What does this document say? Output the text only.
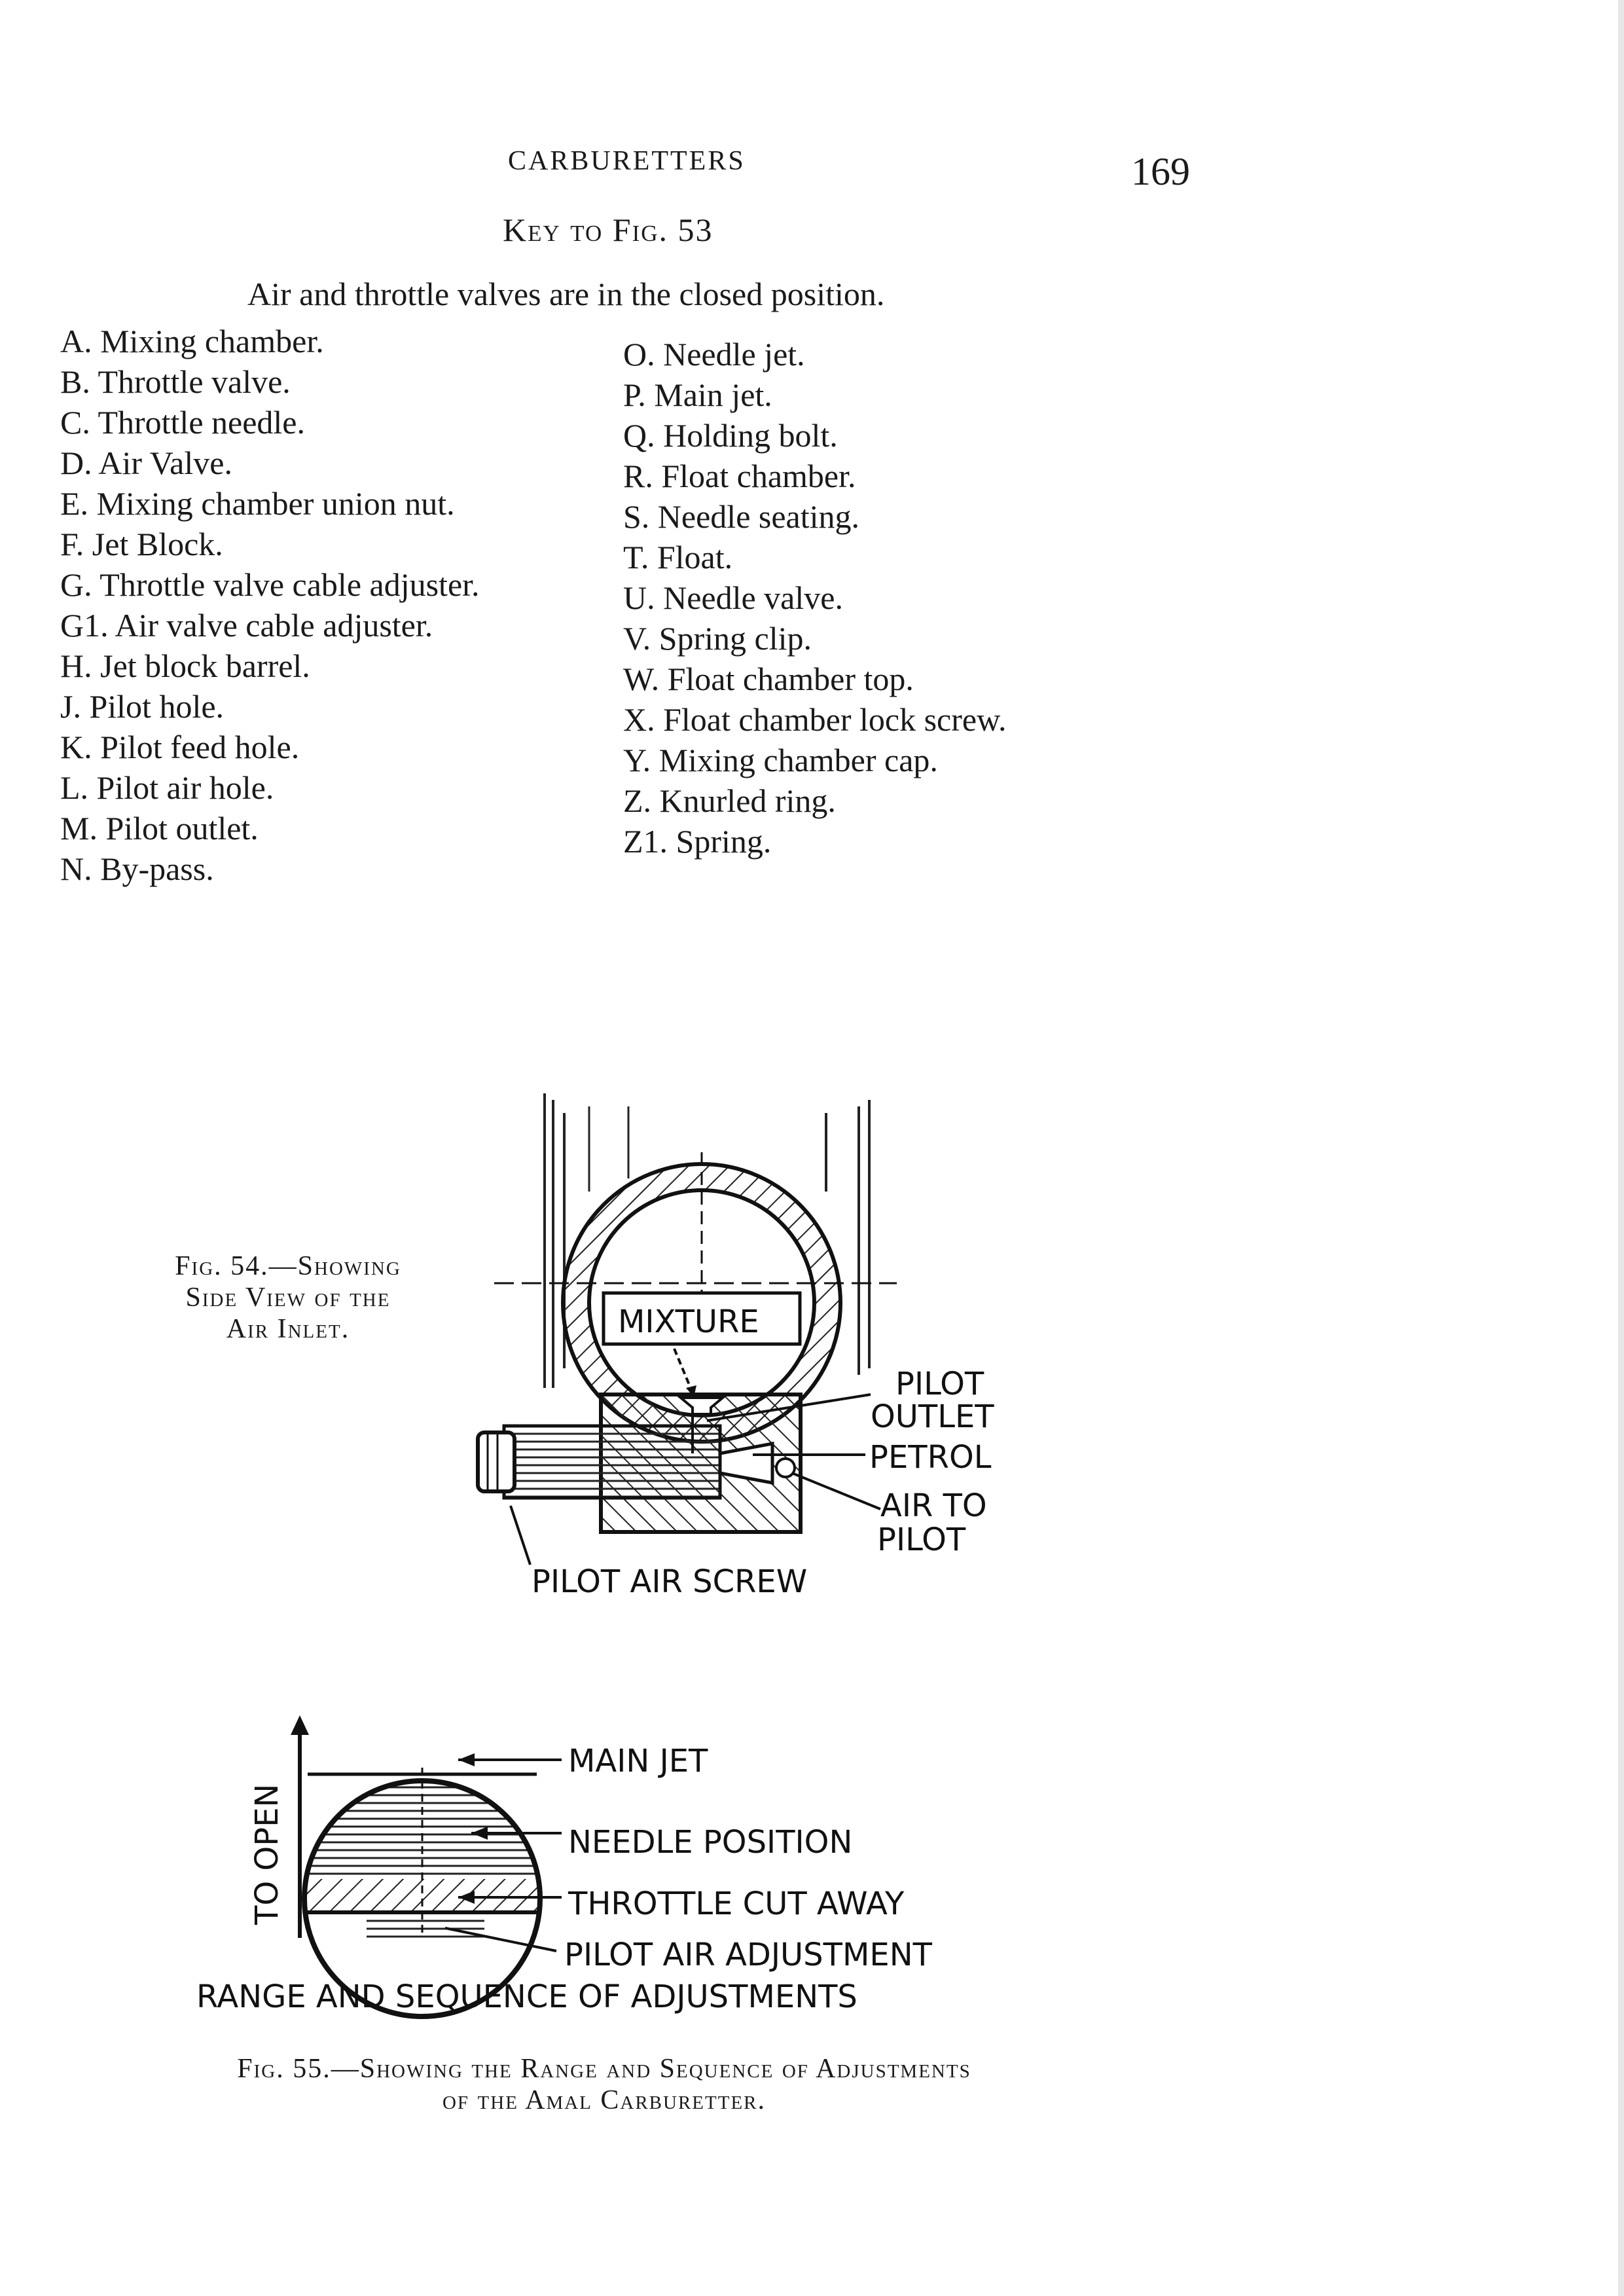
CARBURETTERS	169
Key to Fig. 53
Air and throttle valves are in the closed position.
A. Mixing chamber.
B. Throttle valve.
C. Throttle needle.
D. Air Valve.
E. Mixing chamber union nut.
F. Jet Block.
G. Throttle valve cable adjuster.
G1. Air valve cable adjuster.
H. Jet block barrel.
J. Pilot hole.
K. Pilot feed hole.
L. Pilot air hole.
M. Pilot outlet.
N. By-pass.
O. Needle jet.
P. Main jet.
Q. Holding bolt.
R. Float chamber.
S. Needle seating.
T. Float.
U. Needle valve.
V. Spring clip.
W. Float chamber top.
X. Float chamber lock screw.
Y. Mixing chamber cap.
Z. Knurled ring.
Z1. Spring.
Fig. 54.—Showing
Side View of the
Air Inlet.	MIXTURE
PILOT
OUTLET
PETROL
AIR TO
PILOT
PILOT AIR SCREW
TO OPEN
MAIN JET
NEEDLE POSITION
THROTTLE CUT AWAY
PILOT AIR ADJUSTMENT
RANGE AND SEQUENCE OF ADJUSTMENTS
Fig. 55.—Showing the Range and Sequence of Adjustments
of the Amal Carburetter.
